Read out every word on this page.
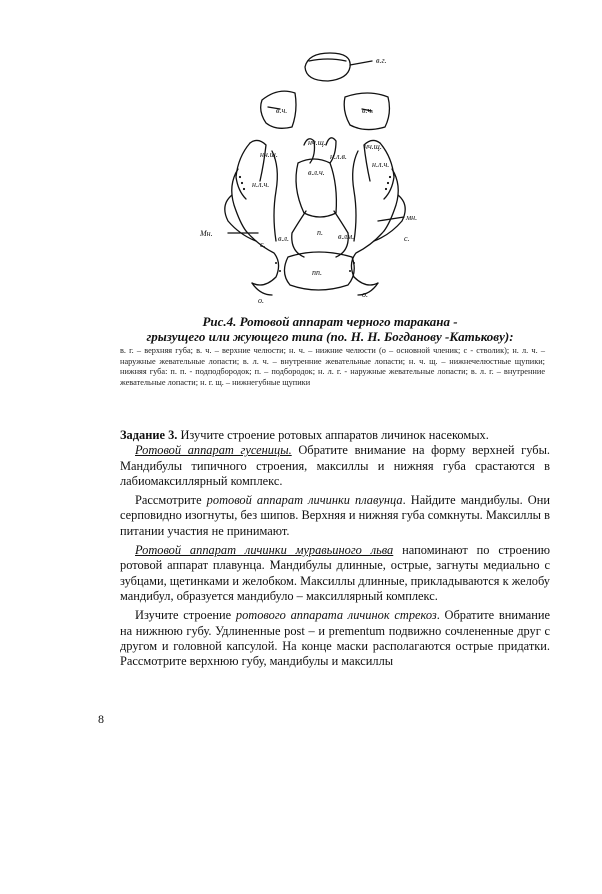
в.г.
в.ч.	в.ч.
нч.щ.
нч.щ.
нч.щ.
н.л.в.
н.л.ч.
н.л.ч.
в.л.ч.
Мн.
мн.
с.
с.
в.л.	в.лм.
п.
пп.
о.
о.
Рис.4. Ротовой аппарат черного таракана -
грызущего или жующего типа (по. Н. Н. Богданову -Катькову):
в. г. – верхняя губа; в. ч. – верхние челюсти; н. ч. – нижние челюсти (о – основной членик; с - стволик); н. л. ч. – наружные жевательные лопасти; в. л. ч. – внутренние жевательные лопасти; н. ч. щ. – нижнечелюстные щупики; нижняя губа: п. п. - подподбородок; п. – подбородок; н. л. г. - наружные жевательные лопасти; в. л. г. – внутренние жевательные лопасти; н. г. щ. – нижнегубные щупики

Задание 3. Изучите строение ротовых аппаратов личинок насекомых.

Ротовой аппарат гусеницы. Обратите внимание на форму верхней губы. Мандибулы типичного строения, максиллы и нижняя губа срастаются в лабиомаксиллярный комплекс.

Рассмотрите ротовой аппарат личинки плавунца. Найдите мандибулы. Они серповидно изогнуты, без шипов. Верхняя и нижняя губа сомкнуты. Максиллы в питании участия не принимают.

Ротовой аппарат личинки муравьиного льва напоминают по строению ротовой аппарат плавунца. Мандибулы длинные, острые, загнуты медиально с зубцами, щетинками и желобком. Максиллы длинные, прикладываются к желобу мандибул, образуется мандибуло – максиллярный комплекс.

Изучите строение ротового аппарата личинок стрекоз. Обратите внимание на нижнюю губу. Удлиненные post – и prementum подвижно сочлененные друг с другом и головной капсулой. На конце маски располагаются острые придатки. Рассмотрите верхнюю губу, мандибулы и максиллы

8
